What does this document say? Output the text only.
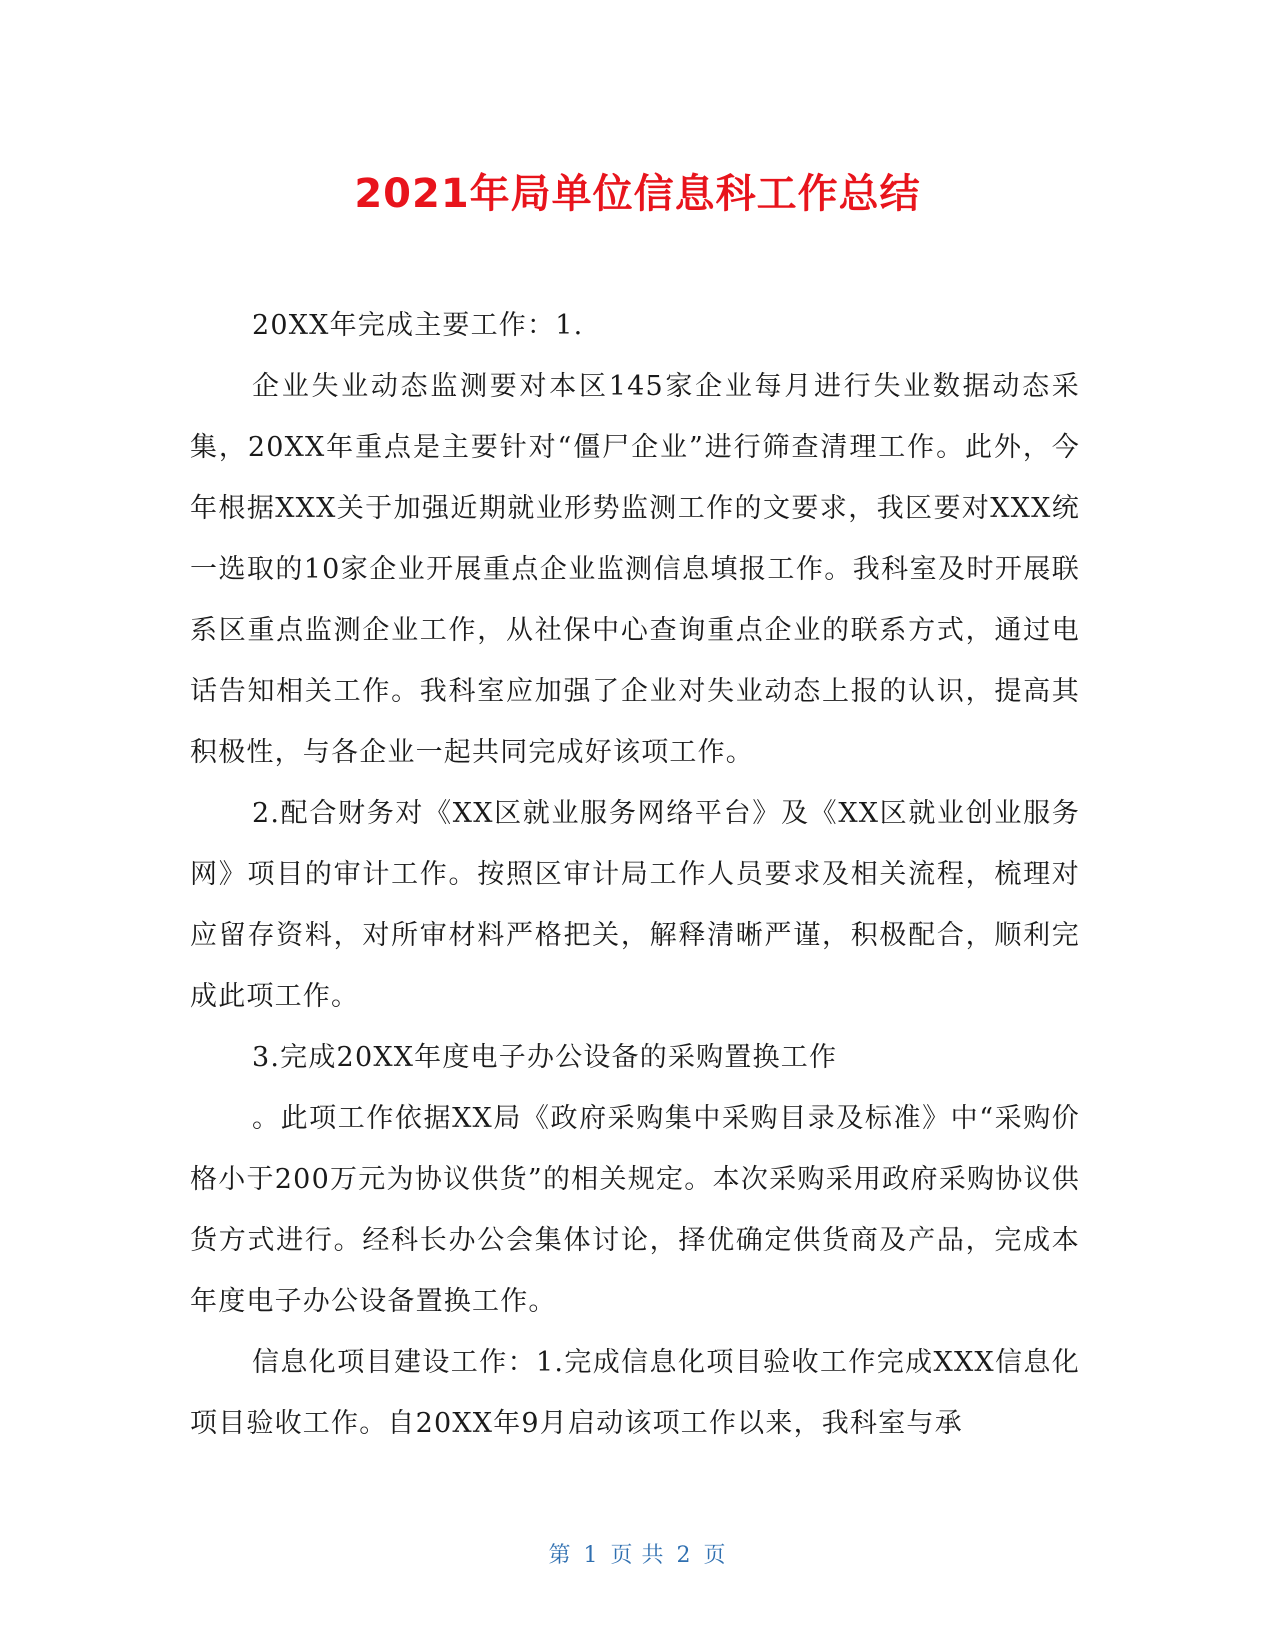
2021年局单位信息科工作总结

20XX年完成主要工作：1.

企业失业动态监测要对本区145家企业每月进行失业数据动态采集，20XX年重点是主要针对“僵尸企业”进行筛查清理工作。此外，今年根据XXX关于加强近期就业形势监测工作的文要求，我区要对XXX统一选取的10家企业开展重点企业监测信息填报工作。我科室及时开展联系区重点监测企业工作，从社保中心查询重点企业的联系方式，通过电话告知相关工作。我科室应加强了企业对失业动态上报的认识，提高其积极性，与各企业一起共同完成好该项工作。

2.配合财务对《XX区就业服务网络平台》及《XX区就业创业服务网》项目的审计工作。按照区审计局工作人员要求及相关流程，梳理对应留存资料，对所审材料严格把关，解释清晰严谨，积极配合，顺利完成此项工作。

3.完成20XX年度电子办公设备的采购置换工作

。此项工作依据XX局《政府采购集中采购目录及标准》中“采购价格小于200万元为协议供货”的相关规定。本次采购采用政府采购协议供货方式进行。经科长办公会集体讨论，择优确定供货商及产品，完成本年度电子办公设备置换工作。

信息化项目建设工作：1.完成信息化项目验收工作完成XXX信息化项目验收工作。自20XX年9月启动该项工作以来，我科室与承

第 1 页 共 2 页
